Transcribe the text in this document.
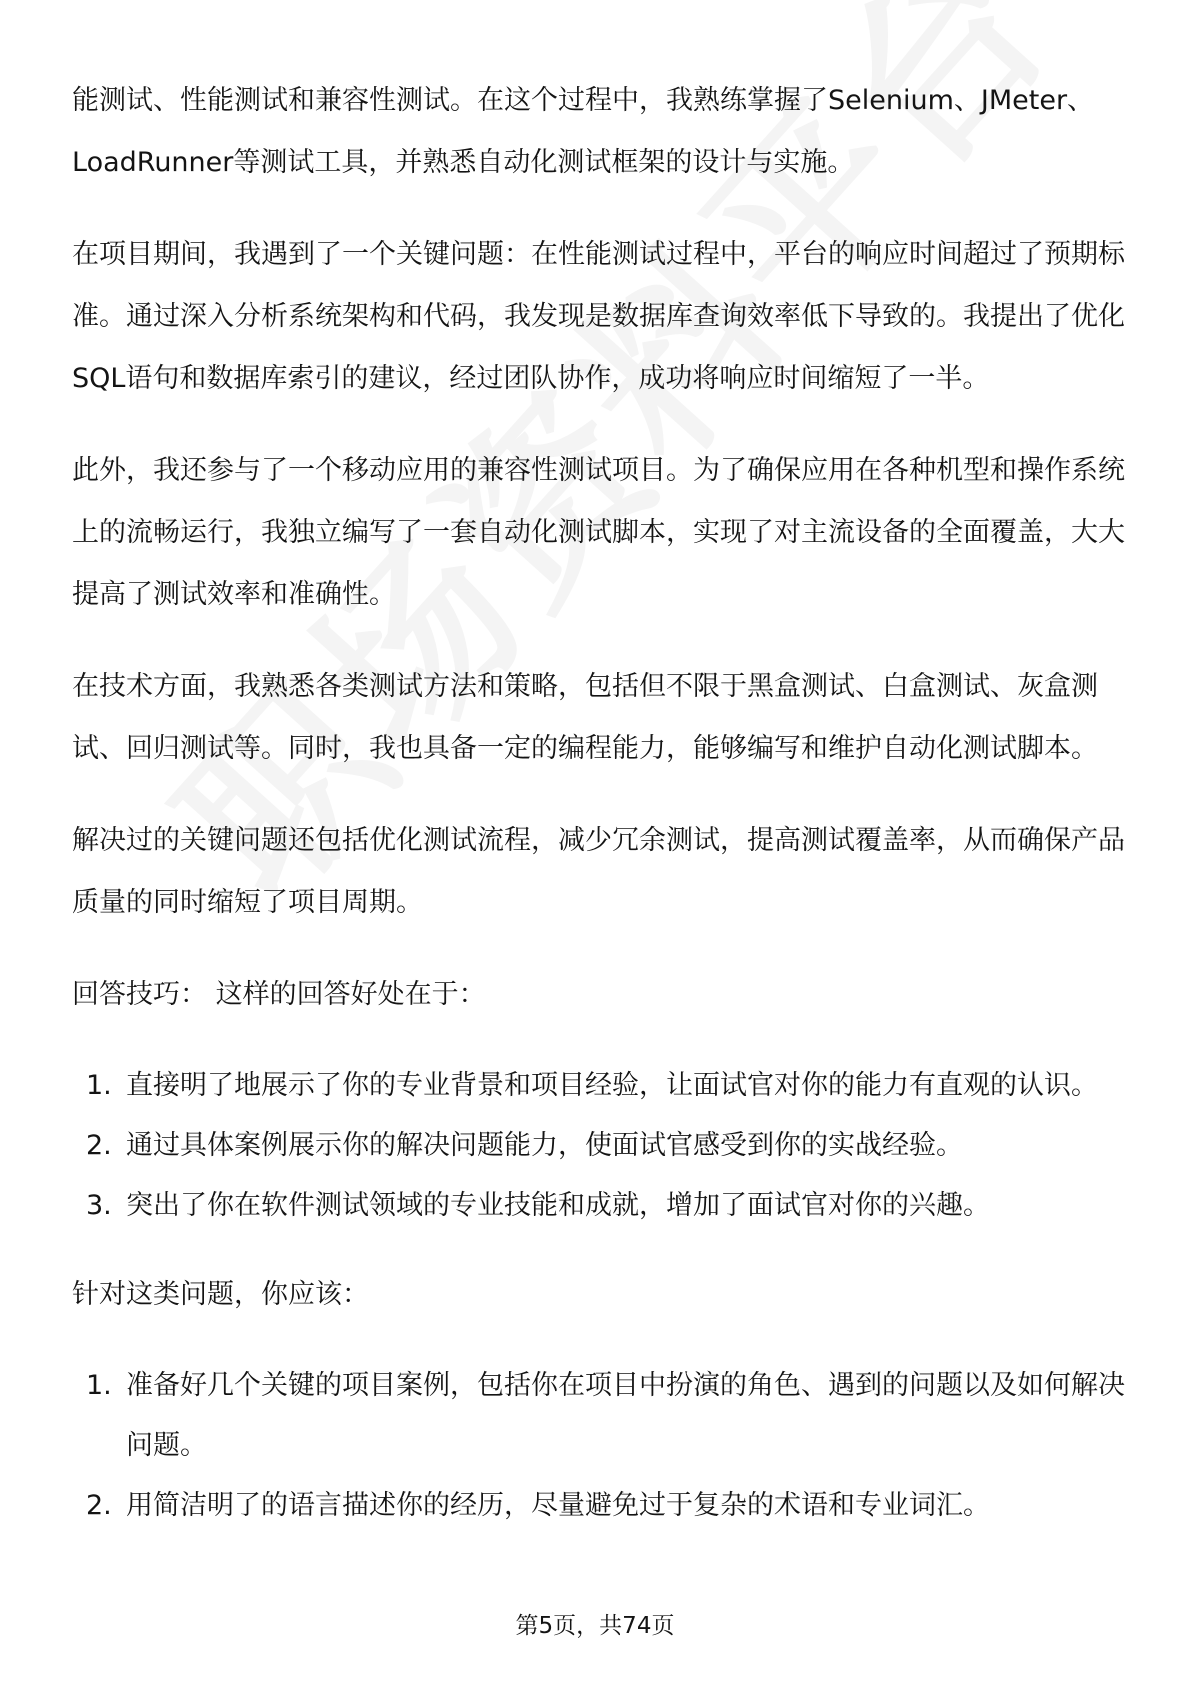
能测试、性能测试和兼容性测试。在这个过程中，我熟练掌握了Selenium、JMeter、LoadRunner等测试工具，并熟悉自动化测试框架的设计与实施。

在项目期间，我遇到了一个关键问题：在性能测试过程中，平台的响应时间超过了预期标准。通过深入分析系统架构和代码，我发现是数据库查询效率低下导致的。我提出了优化SQL语句和数据库索引的建议，经过团队协作，成功将响应时间缩短了一半。

此外，我还参与了一个移动应用的兼容性测试项目。为了确保应用在各种机型和操作系统上的流畅运行，我独立编写了一套自动化测试脚本，实现了对主流设备的全面覆盖，大大提高了测试效率和准确性。

在技术方面，我熟悉各类测试方法和策略，包括但不限于黑盒测试、白盒测试、灰盒测试、回归测试等。同时，我也具备一定的编程能力，能够编写和维护自动化测试脚本。

解决过的关键问题还包括优化测试流程，减少冗余测试，提高测试覆盖率，从而确保产品质量的同时缩短了项目周期。

回答技巧： 这样的回答好处在于：

1. 直接明了地展示了你的专业背景和项目经验，让面试官对你的能力有直观的认识。
2. 通过具体案例展示你的解决问题能力，使面试官感受到你的实战经验。
3. 突出了你在软件测试领域的专业技能和成就，增加了面试官对你的兴趣。

针对这类问题，你应该：

1. 准备好几个关键的项目案例，包括你在项目中扮演的角色、遇到的问题以及如何解决问题。
2. 用简洁明了的语言描述你的经历，尽量避免过于复杂的术语和专业词汇。
第5页，共74页
